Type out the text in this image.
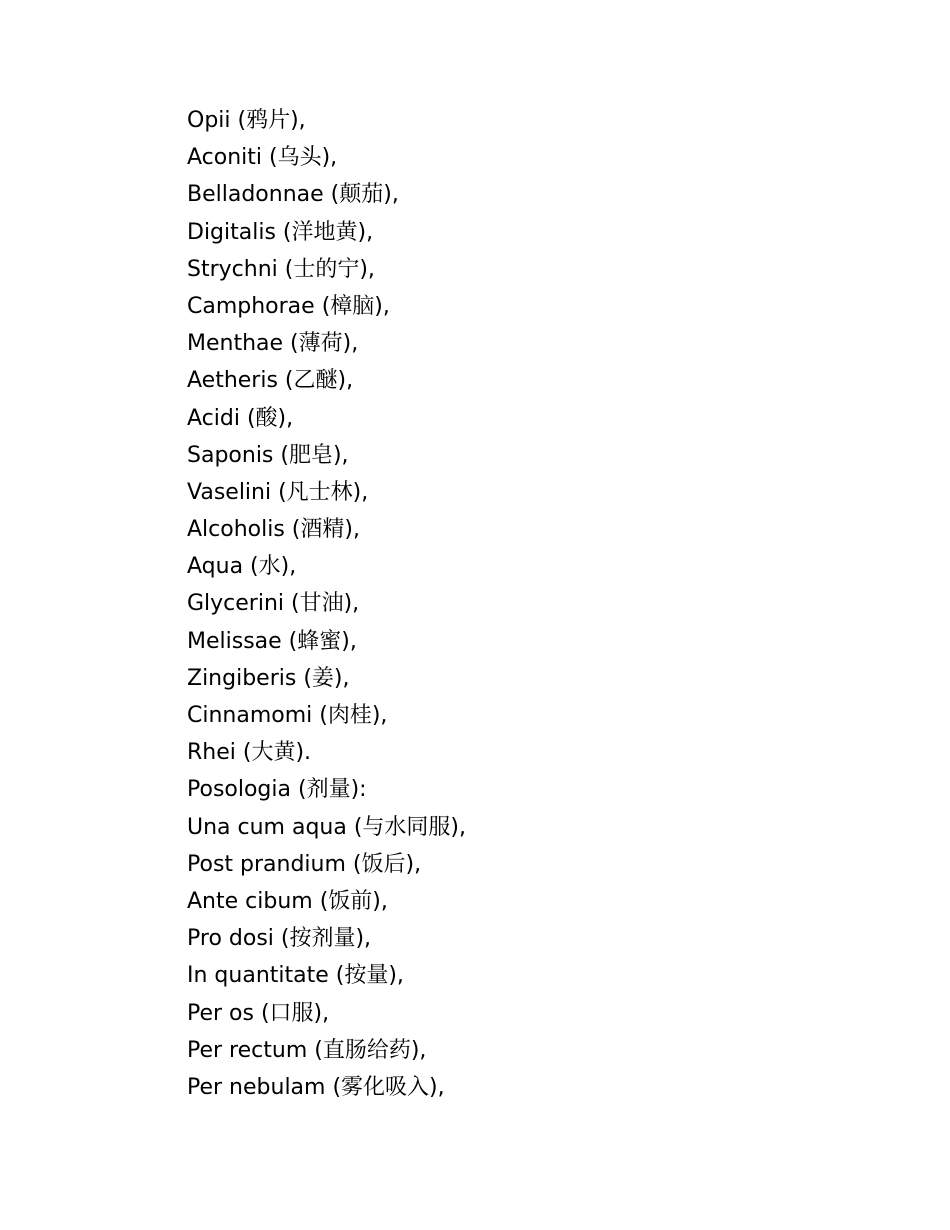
Opii (鸦片),
Aconiti (乌头),
Belladonnae (颠茄),
Digitalis (洋地黄),
Strychni (士的宁),
Camphorae (樟脑),
Menthae (薄荷),
Aetheris (乙醚),
Acidi (酸),
Saponis (肥皂),
Vaselini (凡士林),
Alcoholis (酒精),
Aqua (水),
Glycerini (甘油),
Melissae (蜂蜜),
Zingiberis (姜),
Cinnamomi (肉桂),
Rhei (大黄).
Posologia (剂量):
Una cum aqua (与水同服),
Post prandium (饭后),
Ante cibum (饭前),
Pro dosi (按剂量),
In quantitate (按量),
Per os (口服),
Per rectum (直肠给药),
Per nebulam (雾化吸入),
